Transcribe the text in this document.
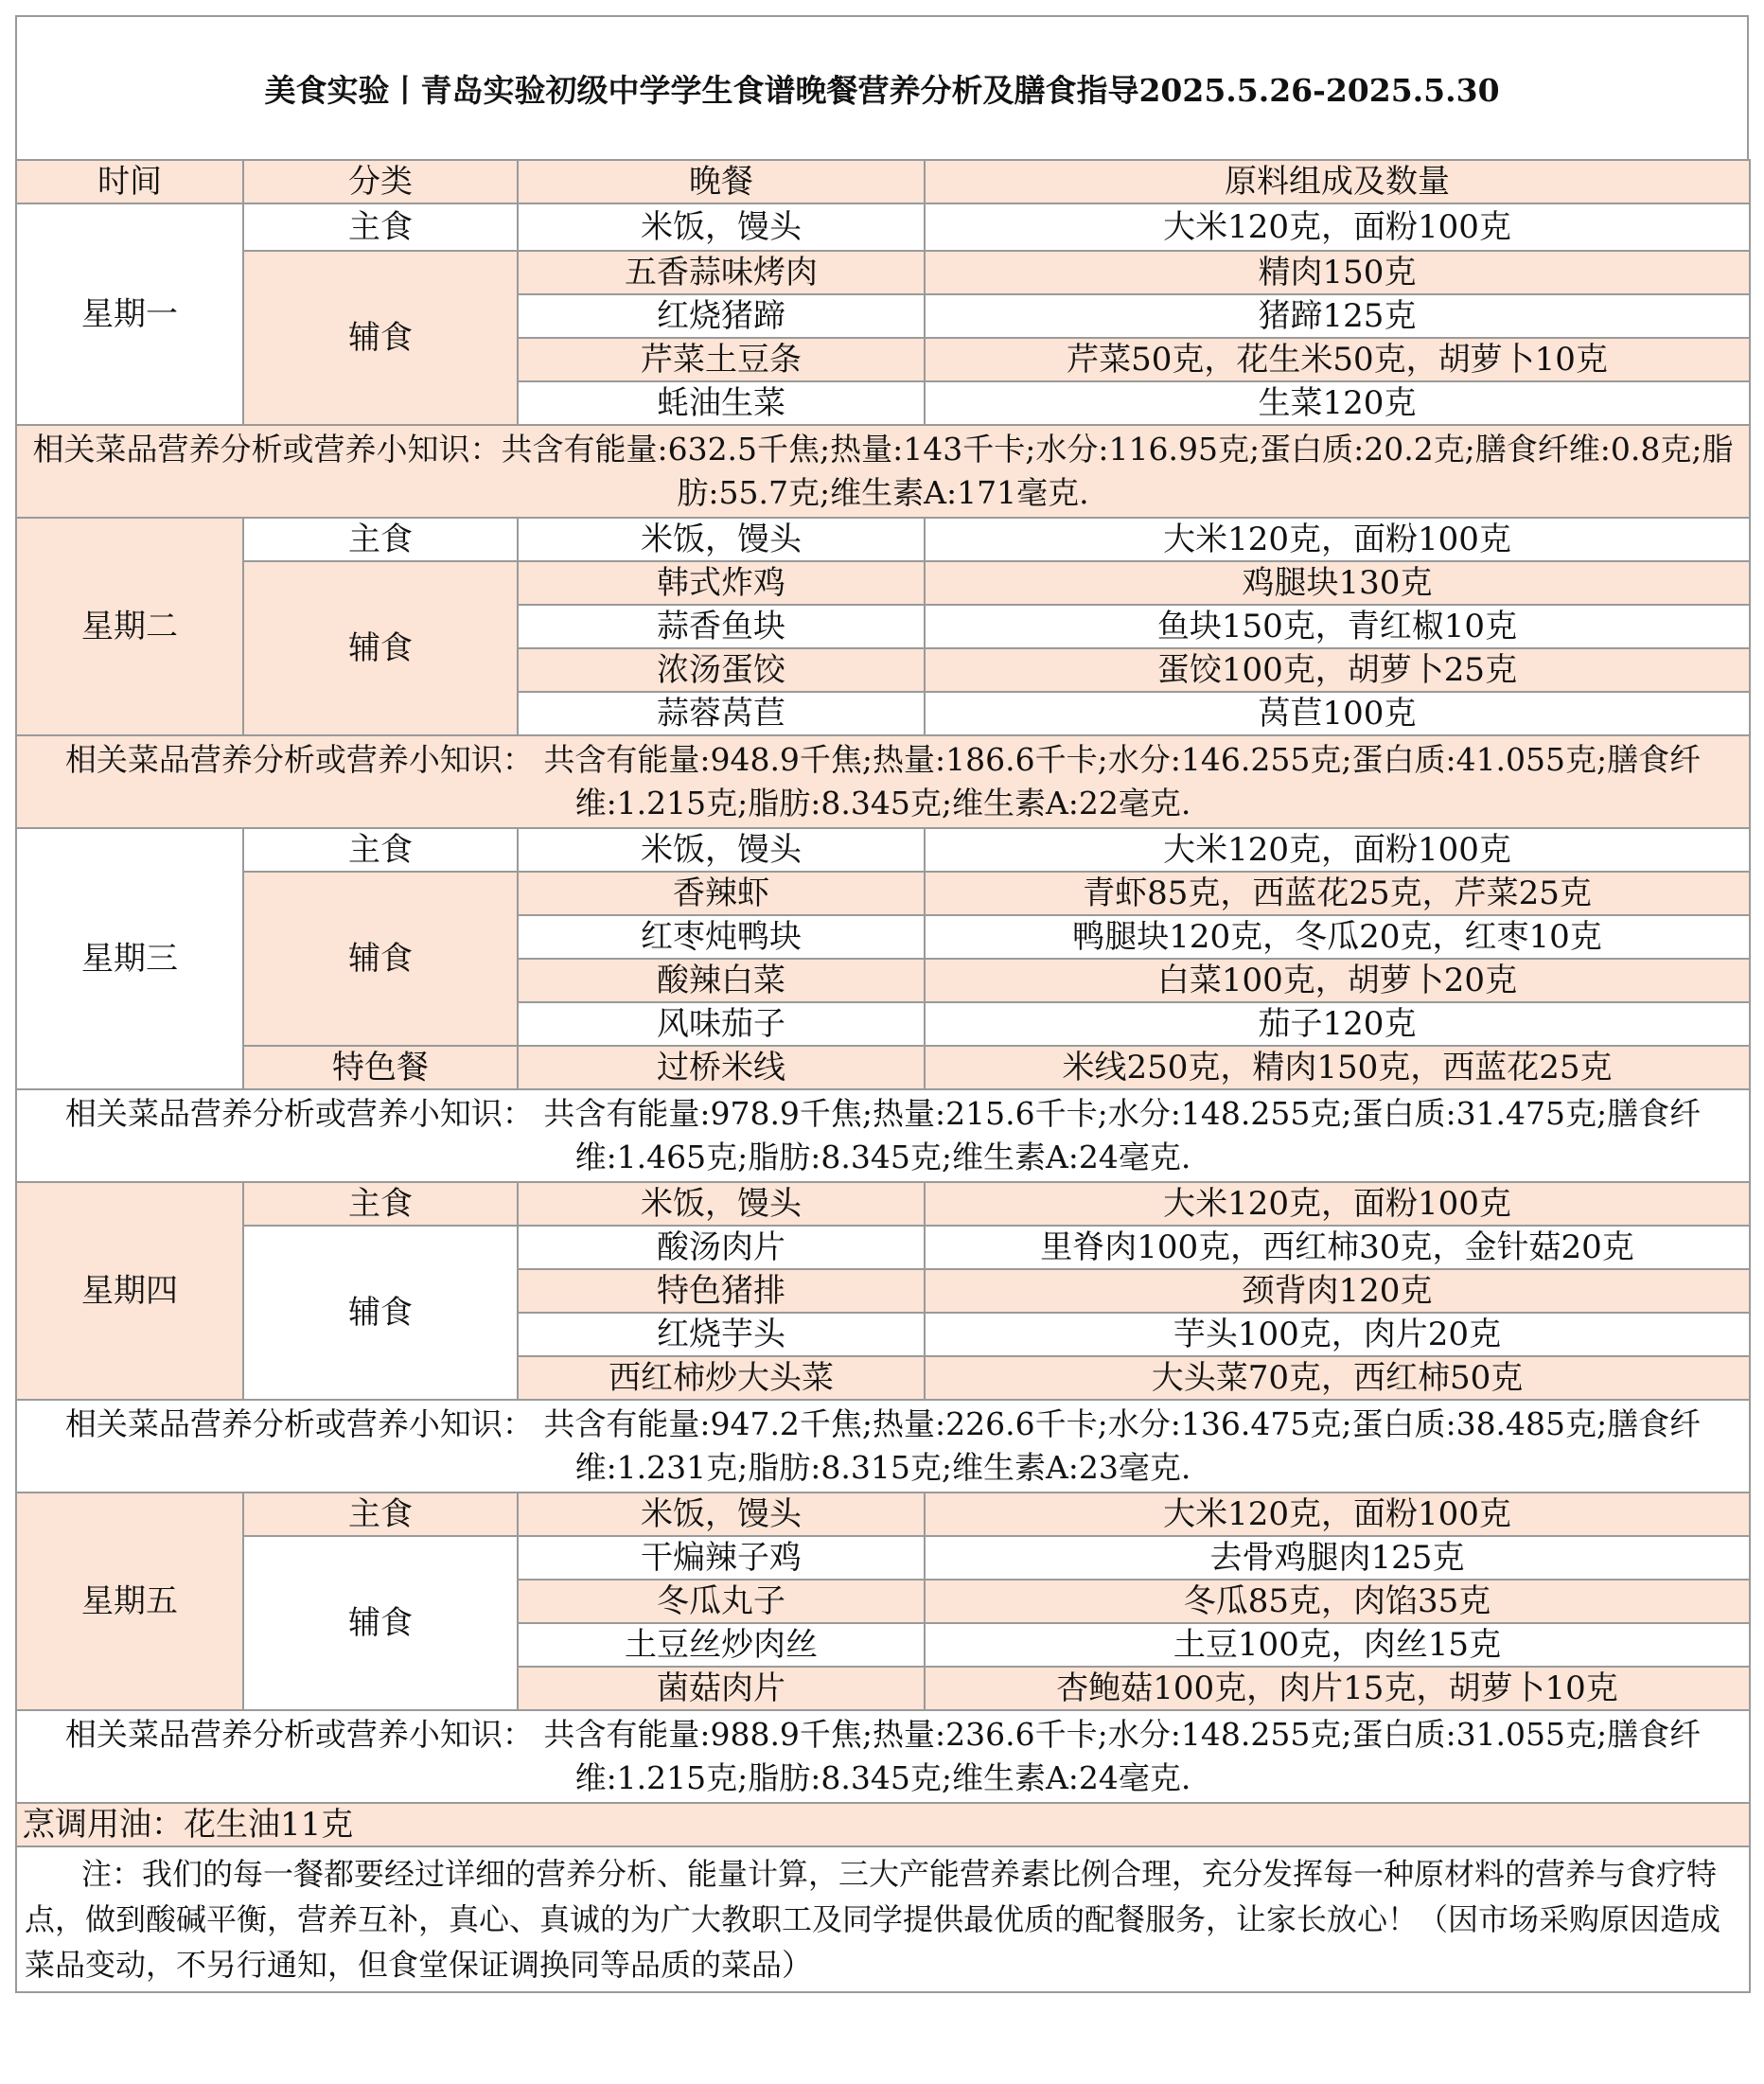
美食实验丨青岛实验初级中学学生食谱晚餐营养分析及膳食指导2025.5.26-2025.5.30
时间	分类	晚餐	原料组成及数量
星期一	主食	米饭，馒头	大米120克，面粉100克
	辅食	五香蒜味烤肉	精肉150克
		红烧猪蹄	猪蹄125克
		芹菜土豆条	芹菜50克，花生米50克，胡萝卜10克
		蚝油生菜	生菜120克
相关菜品营养分析或营养小知识：共含有能量:632.5千焦;热量:143千卡;水分:116.95克;蛋白质:20.2克;膳食纤维:0.8克;脂肪:55.7克;维生素A:171毫克.			
星期二	主食	米饭，馒头	大米120克，面粉100克
	辅食	韩式炸鸡	鸡腿块130克
		蒜香鱼块	鱼块150克，青红椒10克
		浓汤蛋饺	蛋饺100克，胡萝卜25克
		蒜蓉莴苣	莴苣100克
相关菜品营养分析或营养小知识： 共含有能量:948.9千焦;热量:186.6千卡;水分:146.255克;蛋白质:41.055克;膳食纤维:1.215克;脂肪:8.345克;维生素A:22毫克.			
星期三	主食	米饭，馒头	大米120克，面粉100克
	辅食	香辣虾	青虾85克，西蓝花25克，芹菜25克
		红枣炖鸭块	鸭腿块120克，冬瓜20克，红枣10克
		酸辣白菜	白菜100克，胡萝卜20克
		风味茄子	茄子120克
	特色餐	过桥米线	米线250克，精肉150克，西蓝花25克
相关菜品营养分析或营养小知识： 共含有能量:978.9千焦;热量:215.6千卡;水分:148.255克;蛋白质:31.475克;膳食纤维:1.465克;脂肪:8.345克;维生素A:24毫克.			
星期四	主食	米饭，馒头	大米120克，面粉100克
	辅食	酸汤肉片	里脊肉100克，西红柿30克，金针菇20克
		特色猪排	颈背肉120克
		红烧芋头	芋头100克，肉片20克
		西红柿炒大头菜	大头菜70克，西红柿50克
相关菜品营养分析或营养小知识： 共含有能量:947.2千焦;热量:226.6千卡;水分:136.475克;蛋白质:38.485克;膳食纤维:1.231克;脂肪:8.315克;维生素A:23毫克.			
星期五	主食	米饭，馒头	大米120克，面粉100克
	辅食	干煸辣子鸡	去骨鸡腿肉125克
		冬瓜丸子	冬瓜85克，肉馅35克
		土豆丝炒肉丝	土豆100克，肉丝15克
		菌菇肉片	杏鲍菇100克，肉片15克，胡萝卜10克
相关菜品营养分析或营养小知识： 共含有能量:988.9千焦;热量:236.6千卡;水分:148.255克;蛋白质:31.055克;膳食纤维:1.215克;脂肪:8.345克;维生素A:24毫克.			
烹调用油：花生油11克			
注：我们的每一餐都要经过详细的营养分析、能量计算，三大产能营养素比例合理，充分发挥每一种原材料的营养与食疗特点，做到酸碱平衡，营养互补，真心、真诚的为广大教职工及同学提供最优质的配餐服务，让家长放心！（因市场采购原因造成菜品变动，不另行通知，但食堂保证调换同等品质的菜品）			
